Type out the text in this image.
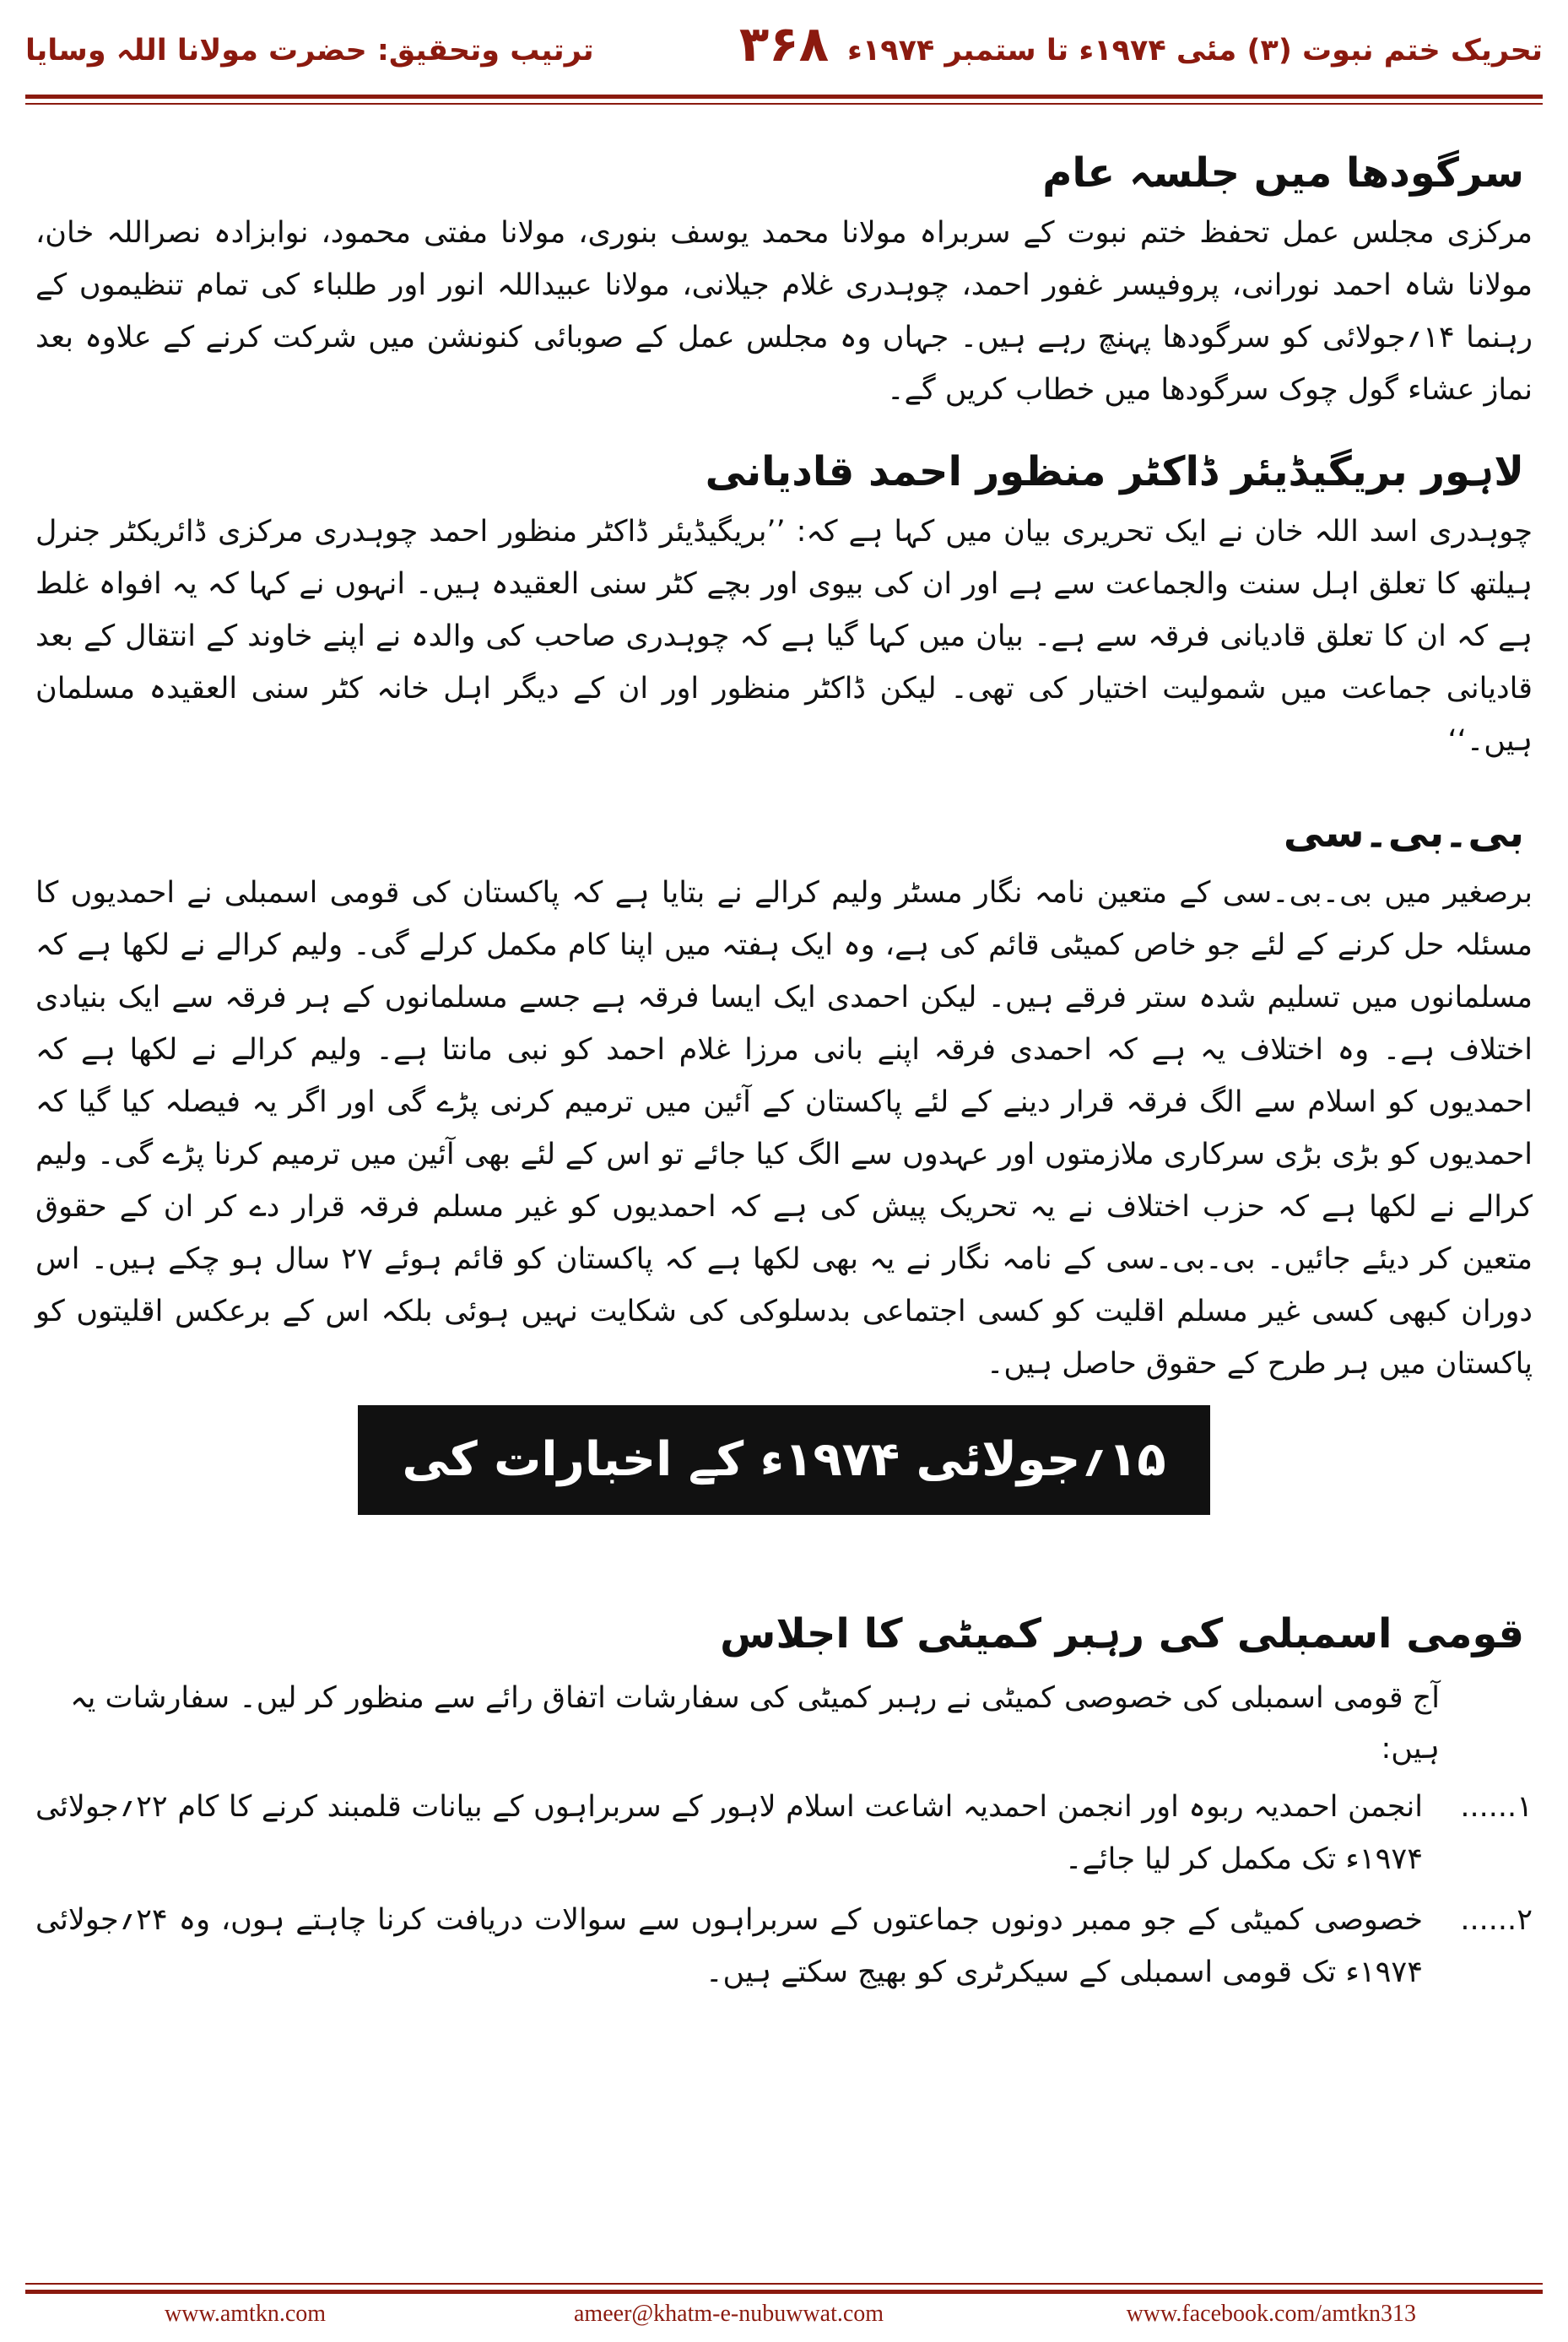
تحریک ختم نبوت (۳) مئی ۱۹۷۴ء تا ستمبر ۱۹۷۴ء
۳۶۸
ترتیب وتحقیق: حضرت مولانا اللہ وسایا
سرگودھا میں جلسہ عام

مرکزی مجلس عمل تحفظ ختم نبوت کے سربراہ مولانا محمد یوسف بنوری، مولانا مفتی محمود، نوابزادہ نصراللہ خان، مولانا شاہ احمد نورانی، پروفیسر غفور احمد، چوہدری غلام جیلانی، مولانا عبیداللہ انور اور طلباء کی تمام تنظیموں کے رہنما ۱۴؍جولائی کو سرگودھا پہنچ رہے ہیں۔ جہاں وہ مجلس عمل کے صوبائی کنونشن میں شرکت کرنے کے علاوہ بعد نماز عشاء گول چوک سرگودھا میں خطاب کریں گے۔

لاہور بریگیڈیئر ڈاکٹر منظور احمد قادیانی

چوہدری اسد اللہ خان نے ایک تحریری بیان میں کہا ہے کہ: ’’بریگیڈیئر ڈاکٹر منظور احمد چوہدری مرکزی ڈائریکٹر جنرل ہیلتھ کا تعلق اہل سنت والجماعت سے ہے اور ان کی بیوی اور بچے کٹر سنی العقیدہ ہیں۔ انہوں نے کہا کہ یہ افواہ غلط ہے کہ ان کا تعلق قادیانی فرقہ سے ہے۔ بیان میں کہا گیا ہے کہ چوہدری صاحب کی والدہ نے اپنے خاوند کے انتقال کے بعد قادیانی جماعت میں شمولیت اختیار کی تھی۔ لیکن ڈاکٹر منظور اور ان کے دیگر اہل خانہ کٹر سنی العقیدہ مسلمان ہیں۔‘‘

بی۔بی۔سی

برصغیر میں بی۔بی۔سی کے متعین نامہ نگار مسٹر ولیم کرالے نے بتایا ہے کہ پاکستان کی قومی اسمبلی نے احمدیوں کا مسئلہ حل کرنے کے لئے جو خاص کمیٹی قائم کی ہے، وہ ایک ہفتہ میں اپنا کام مکمل کرلے گی۔ ولیم کرالے نے لکھا ہے کہ مسلمانوں میں تسلیم شدہ ستر فرقے ہیں۔ لیکن احمدی ایک ایسا فرقہ ہے جسے مسلمانوں کے ہر فرقہ سے ایک بنیادی اختلاف ہے۔ وہ اختلاف یہ ہے کہ احمدی فرقہ اپنے بانی مرزا غلام احمد کو نبی مانتا ہے۔ ولیم کرالے نے لکھا ہے کہ احمدیوں کو اسلام سے الگ فرقہ قرار دینے کے لئے پاکستان کے آئین میں ترمیم کرنی پڑے گی اور اگر یہ فیصلہ کیا گیا کہ احمدیوں کو بڑی بڑی سرکاری ملازمتوں اور عہدوں سے الگ کیا جائے تو اس کے لئے بھی آئین میں ترمیم کرنا پڑے گی۔ ولیم کرالے نے لکھا ہے کہ حزب اختلاف نے یہ تحریک پیش کی ہے کہ احمدیوں کو غیر مسلم فرقہ قرار دے کر ان کے حقوق متعین کر دیئے جائیں۔ بی۔بی۔سی کے نامہ نگار نے یہ بھی لکھا ہے کہ پاکستان کو قائم ہوئے ۲۷ سال ہو چکے ہیں۔ اس دوران کبھی کسی غیر مسلم اقلیت کو کسی اجتماعی بدسلوکی کی شکایت نہیں ہوئی بلکہ اس کے برعکس اقلیتوں کو پاکستان میں ہر طرح کے حقوق حاصل ہیں۔

۱۵؍جولائی ۱۹۷۴ء کے اخبارات کی رپورٹ
قومی اسمبلی کی رہبر کمیٹی کا اجلاس

آج قومی اسمبلی کی خصوصی کمیٹی نے رہبر کمیٹی کی سفارشات اتفاق رائے سے منظور کر لیں۔ سفارشات یہ ہیں:

انجمن احمدیہ ربوہ اور انجمن احمدیہ اشاعت اسلام لاہور کے سربراہوں کے بیانات قلمبند کرنے کا کام ۲۲؍جولائی ۱۹۷۴ء تک مکمل کر لیا جائے۔
۱......
خصوصی کمیٹی کے جو ممبر دونوں جماعتوں کے سربراہوں سے سوالات دریافت کرنا چاہتے ہوں، وہ ۲۴؍جولائی ۱۹۷۴ء تک قومی اسمبلی کے سیکرٹری کو بھیج سکتے ہیں۔
۲......
www.amtkn.com	ameer@khatm-e-nubuwwat.com	www.facebook.com/amtkn313
